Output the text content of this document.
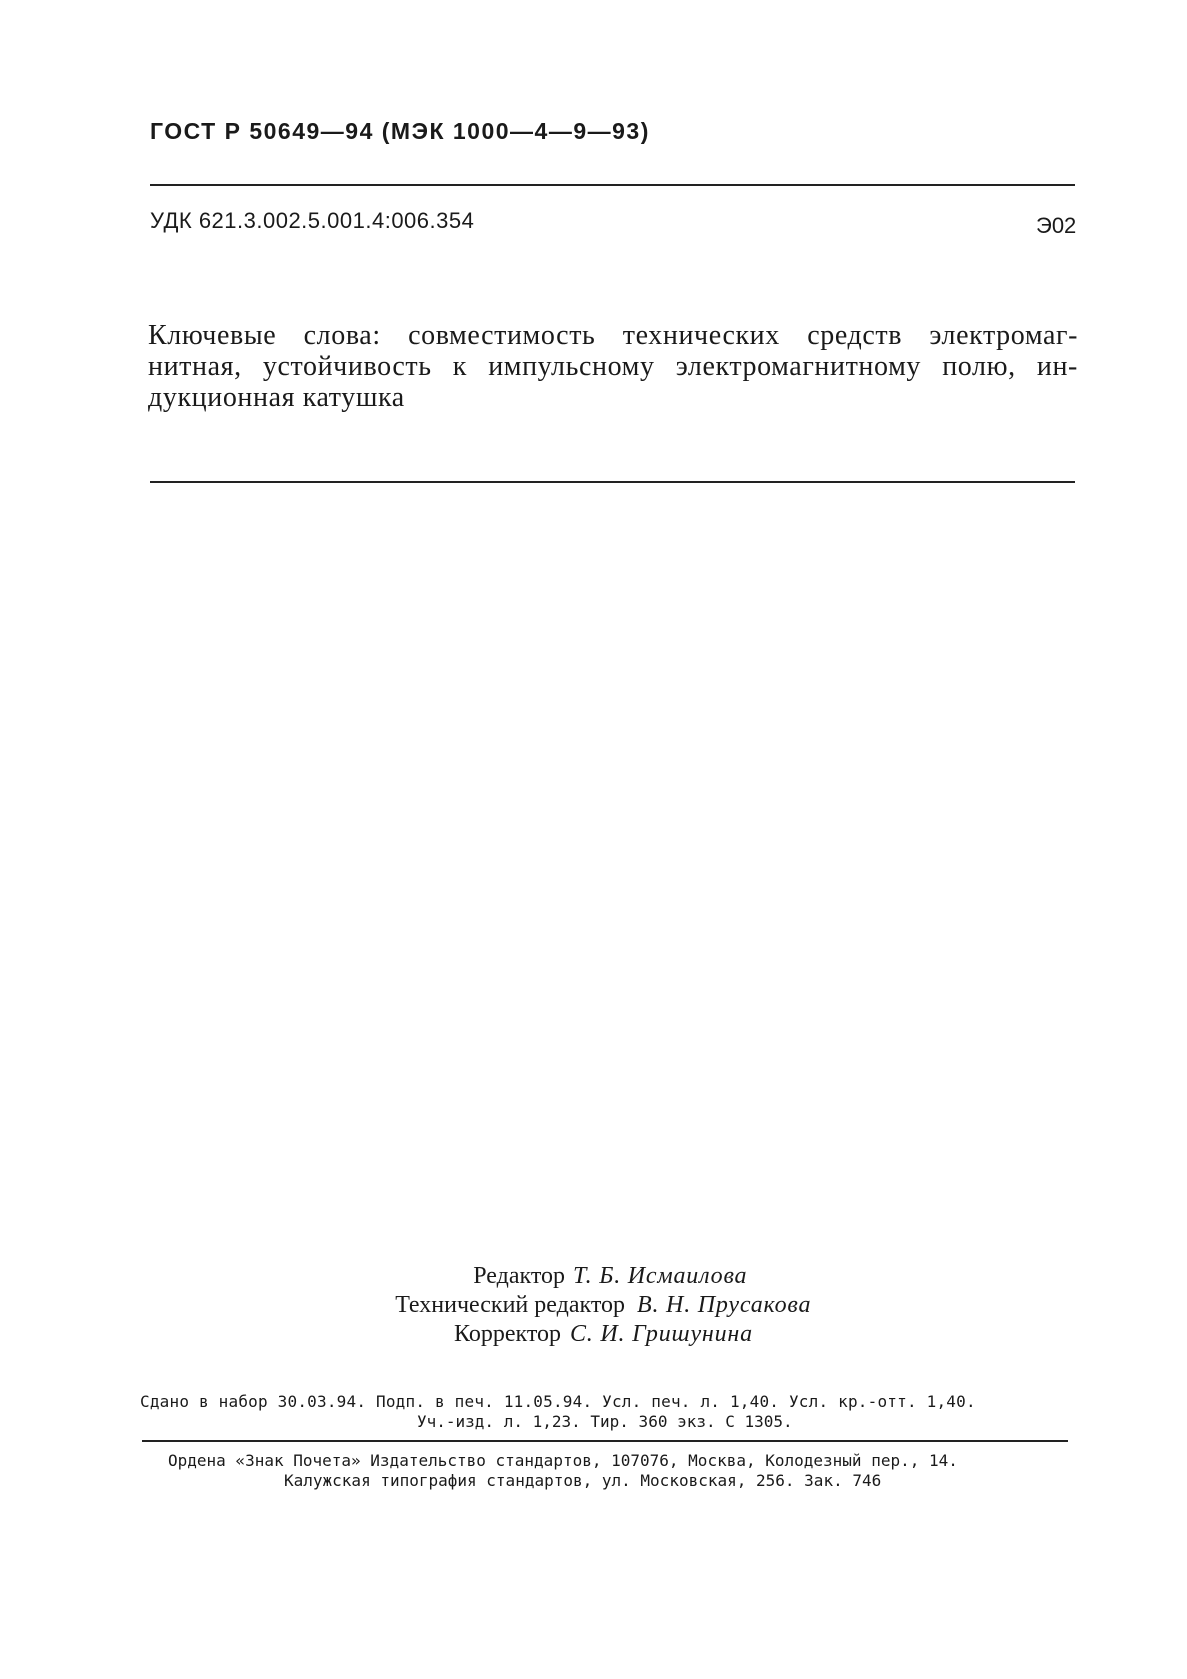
ГОСТ Р 50649—94 (МЭК 1000—4—9—93)
УДК 621.3.002.5.001.4:006.354	Э02
Ключевые слова: совместимость технических средств электромаг-
нитная, устойчивость к импульсному электромагнитному полю, ин-
дукционная катушка
Редактор Т. Б. Исмаилова
Технический редактор В. Н. Прусакова
Корректор С. И. Гришунина
Сдано в набор 30.03.94. Подп. в печ. 11.05.94. Усл. печ. л. 1,40. Усл. кр.-отт. 1,40.
Уч.-изд. л. 1,23. Тир. 360 экз. С 1305.
Ордена «Знак Почета» Издательство стандартов, 107076, Москва, Колодезный пер., 14.
Калужская типография стандартов, ул. Московская, 256. Зак. 746
